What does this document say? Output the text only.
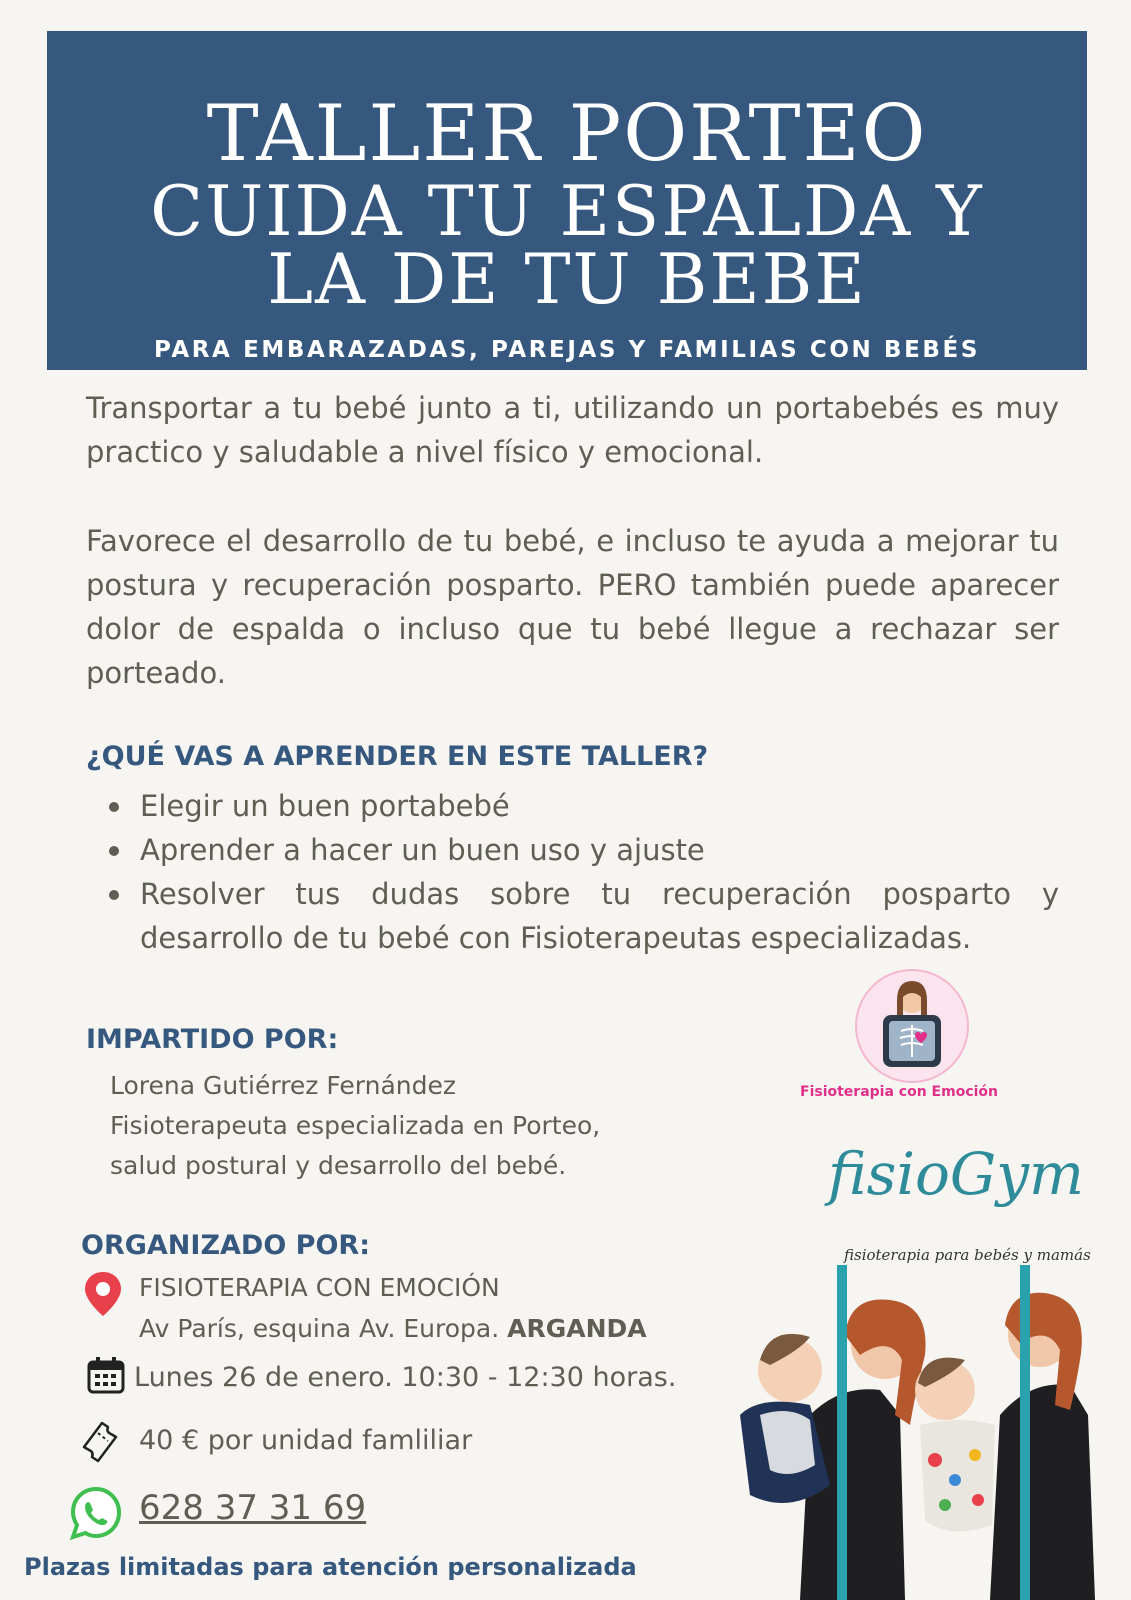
TALLER PORTEO
CUIDA TU ESPALDA Y
LA DE TU BEBE
PARA EMBARAZADAS, PAREJAS Y FAMILIAS CON BEBÉS
Transportar a tu bebé junto a ti, utilizando un portabebés es muy practico y saludable a nivel físico y emocional.
Favorece el desarrollo de tu bebé, e incluso te ayuda a mejorar tu postura y recuperación posparto. PERO también puede aparecer dolor de espalda o incluso que tu bebé llegue a rechazar ser porteado.
¿QUÉ VAS A APRENDER EN ESTE TALLER?
Elegir un buen portabebé
Aprender a hacer un buen uso y ajuste
Resolver tus dudas sobre tu recuperación posparto y desarrollo de tu bebé con Fisioterapeutas especializadas.
IMPARTIDO POR:
Lorena Gutiérrez Fernández
Fisioterapeuta especializada en Porteo,
salud postural y desarrollo del bebé.
Fisioterapia con Emoción
fisioGym
fisioterapia para bebés y mamás
ORGANIZADO POR:
FISIOTERAPIA CON EMOCIÓN
Av París, esquina Av. Europa. ARGANDA
Lunes 26 de enero. 10:30 - 12:30 horas.
40 € por unidad famliliar
628 37 31 69
Plazas limitadas para atención personalizada
